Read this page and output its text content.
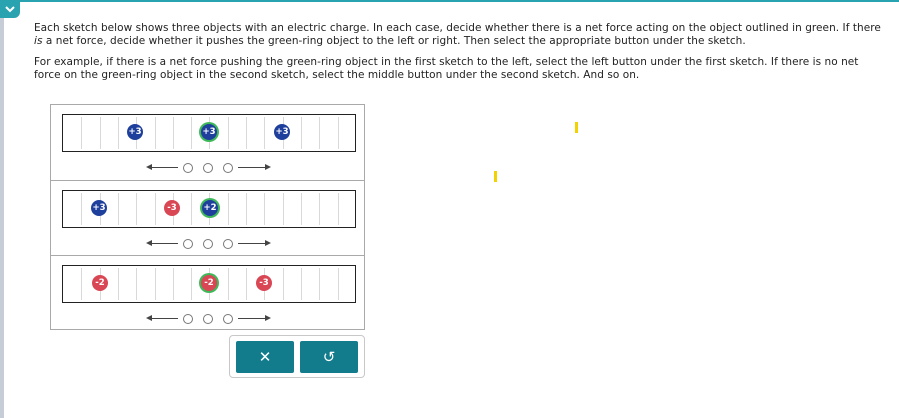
Each sketch below shows three objects with an electric charge. In each case, decide whether there is a net force acting on the object outlined in green. If there is a net force, decide whether it pushes the green-ring object to the left or right. Then select the appropriate button under the sketch.

For example, if there is a net force pushing the green-ring object in the first sketch to the left, select the left button under the first sketch. If there is no net force on the green-ring object in the second sketch, select the middle button under the second sketch. And so on.

+3	+3	+3
+3	-3	+2
-2	-2	-3
✕	↺
